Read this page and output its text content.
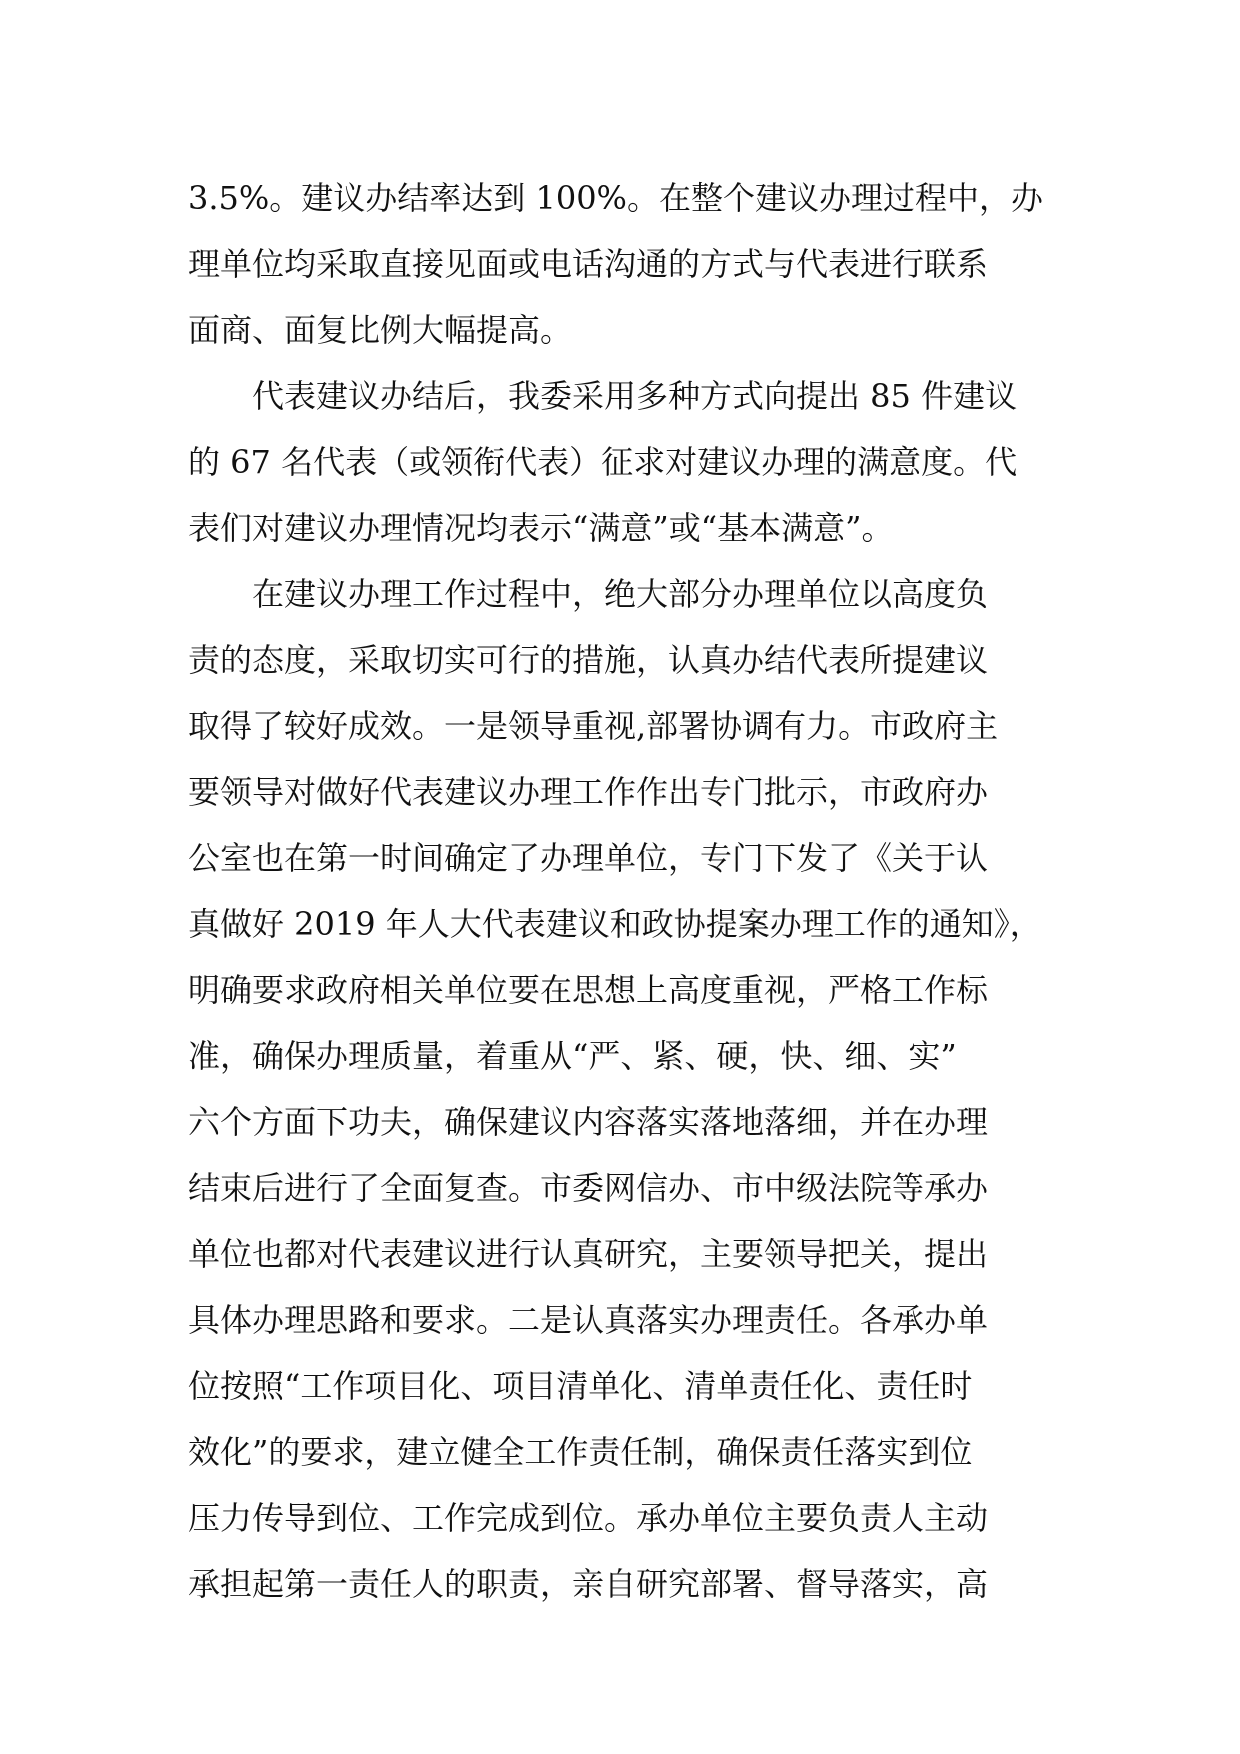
3.5%。建议办结率达到 100%。在整个建议办理过程中，办
理单位均采取直接见面或电话沟通的方式与代表进行联系
面商、面复比例大幅提高。
代表建议办结后，我委采用多种方式向提出 85 件建议
的 67 名代表（或领衔代表）征求对建议办理的满意度。代
表们对建议办理情况均表示“满意”或“基本满意”。
在建议办理工作过程中，绝大部分办理单位以高度负
责的态度，采取切实可行的措施，认真办结代表所提建议
取得了较好成效。一是领导重视,部署协调有力。市政府主
要领导对做好代表建议办理工作作出专门批示，市政府办
公室也在第一时间确定了办理单位，专门下发了《关于认
真做好 2019 年人大代表建议和政协提案办理工作的通知》，
明确要求政府相关单位要在思想上高度重视，严格工作标
准，确保办理质量，着重从“严、紧、硬，快、细、实”
六个方面下功夫，确保建议内容落实落地落细，并在办理
结束后进行了全面复查。市委网信办、市中级法院等承办
单位也都对代表建议进行认真研究，主要领导把关，提出
具体办理思路和要求。二是认真落实办理责任。各承办单
位按照“工作项目化、项目清单化、清单责任化、责任时
效化”的要求，建立健全工作责任制，确保责任落实到位
压力传导到位、工作完成到位。承办单位主要负责人主动
承担起第一责任人的职责，亲自研究部署、督导落实，高
